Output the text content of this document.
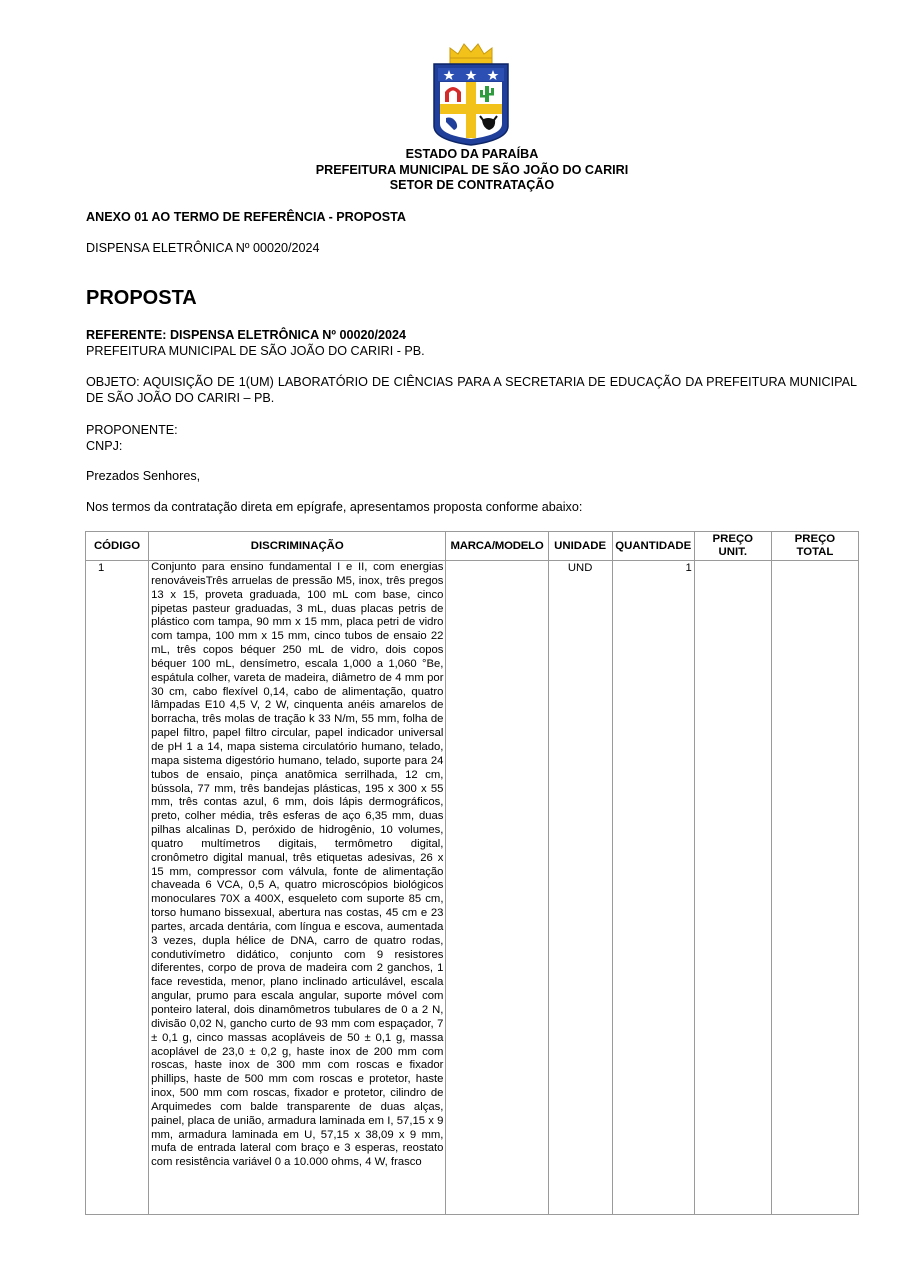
ESTADO DA PARAÍBA
PREFEITURA MUNICIPAL DE SÃO JOÃO DO CARIRI
SETOR DE CONTRATAÇÃO
ANEXO 01 AO TERMO DE REFERÊNCIA - PROPOSTA
DISPENSA ELETRÔNICA Nº 00020/2024
PROPOSTA
REFERENTE: DISPENSA ELETRÔNICA Nº 00020/2024
PREFEITURA MUNICIPAL DE SÃO JOÃO DO CARIRI - PB.
OBJETO: AQUISIÇÃO DE 1(UM) LABORATÓRIO DE CIÊNCIAS PARA A SECRETARIA DE EDUCAÇÃO DA PREFEITURA MUNICIPAL DE SÃO JOÃO DO CARIRI – PB.
PROPONENTE:
CNPJ:
Prezados Senhores,
Nos termos da contratação direta em epígrafe, apresentamos proposta conforme abaixo:
CÓDIGO	DISCRIMINAÇÃO	MARCA/MODELO	UNIDADE	QUANTIDADE	PREÇO UNIT.	PREÇO TOTAL
1	Conjunto para ensino fundamental I e II, com energias renováveisTrês arruelas de pressão M5, inox, três pregos 13 x 15, proveta graduada, 100 mL com base, cinco pipetas pasteur graduadas, 3 mL, duas placas petris de plástico com tampa, 90 mm x 15 mm, placa petri de vidro com tampa, 100 mm x 15 mm, cinco tubos de ensaio 22 mL, três copos béquer 250 mL de vidro, dois copos béquer 100 mL, densímetro, escala 1,000 a 1,060 °Be, espátula colher, vareta de madeira, diâmetro de 4 mm por 30 cm, cabo flexível 0,14, cabo de alimentação, quatro lâmpadas E10 4,5 V, 2 W, cinquenta anéis amarelos de borracha, três molas de tração k 33 N/m, 55 mm, folha de papel filtro, papel filtro circular, papel indicador universal de pH 1 a 14, mapa sistema circulatório humano, telado, mapa sistema digestório humano, telado, suporte para 24 tubos de ensaio, pinça anatômica serrilhada, 12 cm, bússola, 77 mm, três bandejas plásticas, 195 x 300 x 55 mm, três contas azul, 6 mm, dois lápis dermográficos, preto, colher média, três esferas de aço 6,35 mm, duas pilhas alcalinas D, peróxido de hidrogênio, 10 volumes, quatro multímetros digitais, termômetro digital, cronômetro digital manual, três etiquetas adesivas, 26 x 15 mm, compressor com válvula, fonte de alimentação chaveada 6 VCA, 0,5 A, quatro microscópios biológicos monoculares 70X a 400X, esqueleto com suporte 85 cm, torso humano bissexual, abertura nas costas, 45 cm e 23 partes, arcada dentária, com língua e escova, aumentada 3 vezes, dupla hélice de DNA, carro de quatro rodas, condutivímetro didático, conjunto com 9 resistores diferentes, corpo de prova de madeira com 2 ganchos, 1 face revestida, menor, plano inclinado articulável, escala angular, prumo para escala angular, suporte móvel com ponteiro lateral, dois dinamômetros tubulares de 0 a 2 N, divisão 0,02 N, gancho curto de 93 mm com espaçador, 7 ± 0,1 g, cinco massas acopláveis de 50 ± 0,1 g, massa acoplável de 23,0 ± 0,2 g, haste inox de 200 mm com roscas, haste inox de 300 mm com roscas e fixador phillips, haste de 500 mm com roscas e protetor, haste inox, 500 mm com roscas, fixador e protetor, cilindro de Arquimedes com balde transparente de duas alças, painel, placa de união, armadura laminada em I, 57,15 x 9 mm, armadura laminada em U, 57,15 x 38,09 x 9 mm, mufa de entrada lateral com braço e 3 esperas, reostato com resistência variável 0 a 10.000 ohms, 4 W, frasco		UND	1		
